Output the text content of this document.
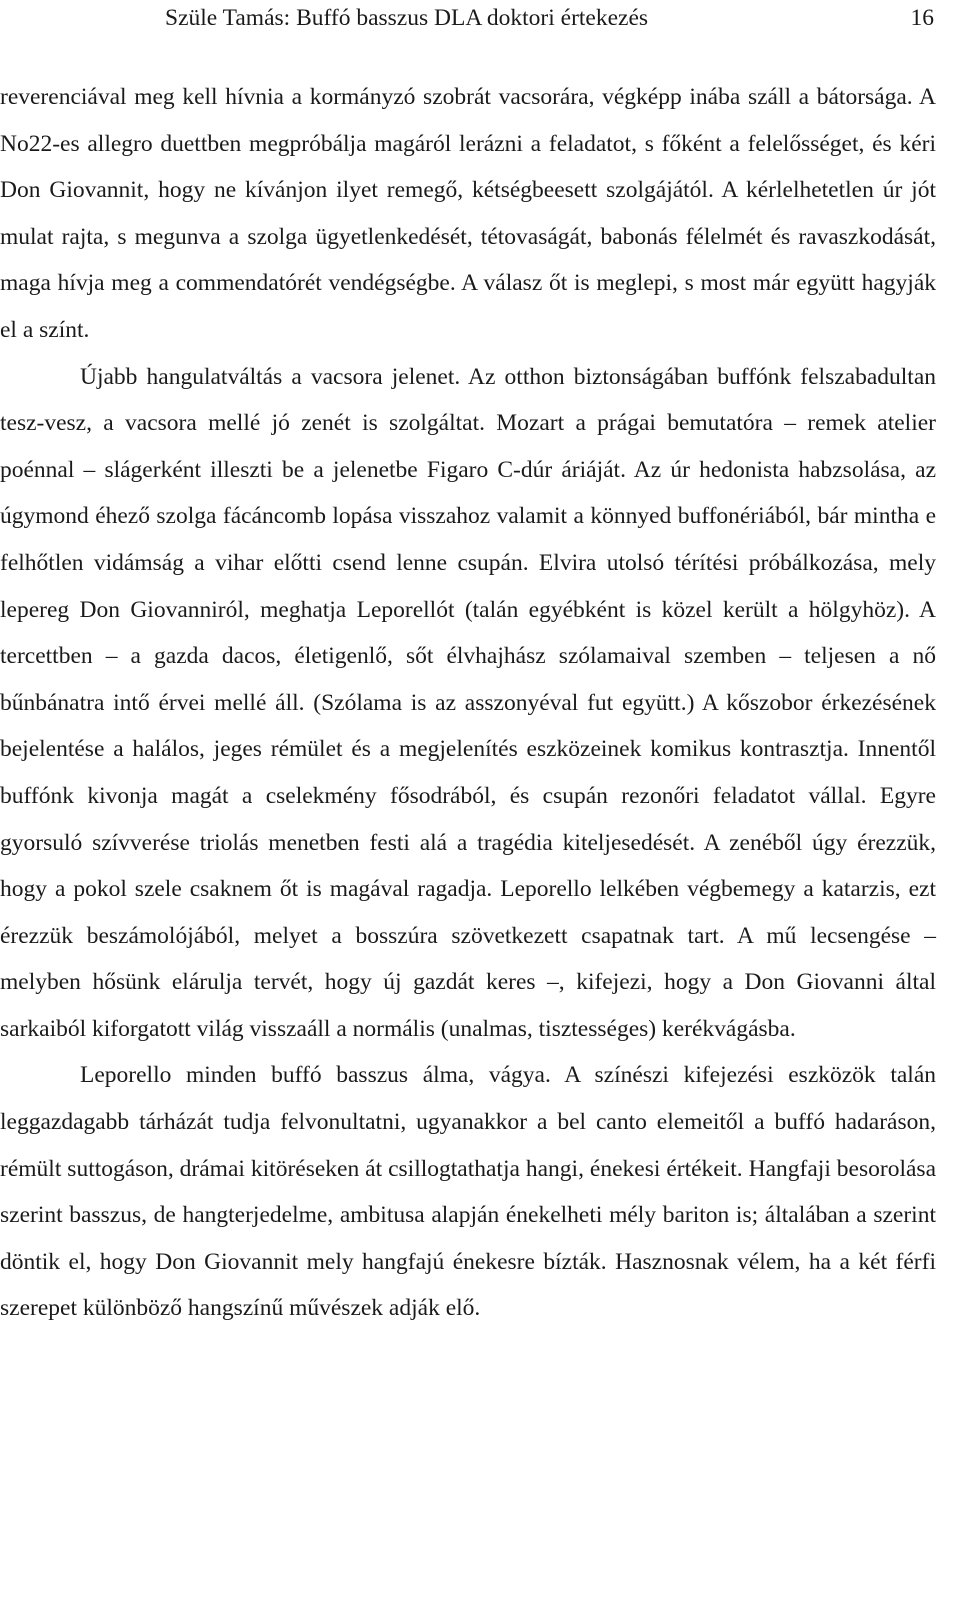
Szüle Tamás: Buffó basszus DLA doktori értekezés	16

reverenciával meg kell hívnia a kormányzó szobrát vacsorára, végképp inába száll a bátorsága. A No22-es allegro duettben megpróbálja magáról lerázni a feladatot, s főként a felelősséget, és kéri Don Giovannit, hogy ne kívánjon ilyet remegő, kétségbeesett szolgájától. A kérlelhetetlen úr jót mulat rajta, s megunva a szolga ügyetlenkedését, tétovaságát, babonás félelmét és ravaszkodását, maga hívja meg a commendatórét vendégségbe. A válasz őt is meglepi, s most már együtt hagyják el a színt.

Újabb hangulatváltás a vacsora jelenet. Az otthon biztonságában buffónk felszabadultan tesz-vesz, a vacsora mellé jó zenét is szolgáltat. Mozart a prágai bemutatóra – remek atelier poénnal – slágerként illeszti be a jelenetbe Figaro C-dúr áriáját. Az úr hedonista habzsolása, az úgymond éhező szolga fácáncomb lopása visszahoz valamit a könnyed buffonériából, bár mintha e felhőtlen vidámság a vihar előtti csend lenne csupán. Elvira utolsó térítési próbálkozása, mely lepereg Don Giovanniról, meghatja Leporellót (talán egyébként is közel került a hölgyhöz). A tercettben – a gazda dacos, életigenlő, sőt élvhajhász szólamaival szemben – teljesen a nő bűnbánatra intő érvei mellé áll. (Szólama is az asszonyéval fut együtt.) A kőszobor érkezésének bejelentése a halálos, jeges rémület és a megjelenítés eszközeinek komikus kontrasztja. Innentől buffónk kivonja magát a cselekmény fősodrából, és csupán rezonőri feladatot vállal. Egyre gyorsuló szívverése triolás menetben festi alá a tragédia kiteljesedését. A zenéből úgy érezzük, hogy a pokol szele csaknem őt is magával ragadja. Leporello lelkében végbemegy a katarzis, ezt érezzük beszámolójából, melyet a bosszúra szövetkezett csapatnak tart. A mű lecsengése – melyben hősünk elárulja tervét, hogy új gazdát keres –, kifejezi, hogy a Don Giovanni által sarkaiból kiforgatott világ visszaáll a normális (unalmas, tisztességes) kerékvágásba.

Leporello minden buffó basszus álma, vágya. A színészi kifejezési eszközök talán leggazdagabb tárházát tudja felvonultatni, ugyanakkor a bel canto elemeitől a buffó hadaráson, rémült suttogáson, drámai kitöréseken át csillogtathatja hangi, énekesi értékeit. Hangfaji besorolása szerint basszus, de hangterjedelme, ambitusa alapján énekelheti mély bariton is; általában a szerint döntik el, hogy Don Giovannit mely hangfajú énekesre bízták. Hasznosnak vélem, ha a két férfi szerepet különböző hangszínű művészek adják elő.
